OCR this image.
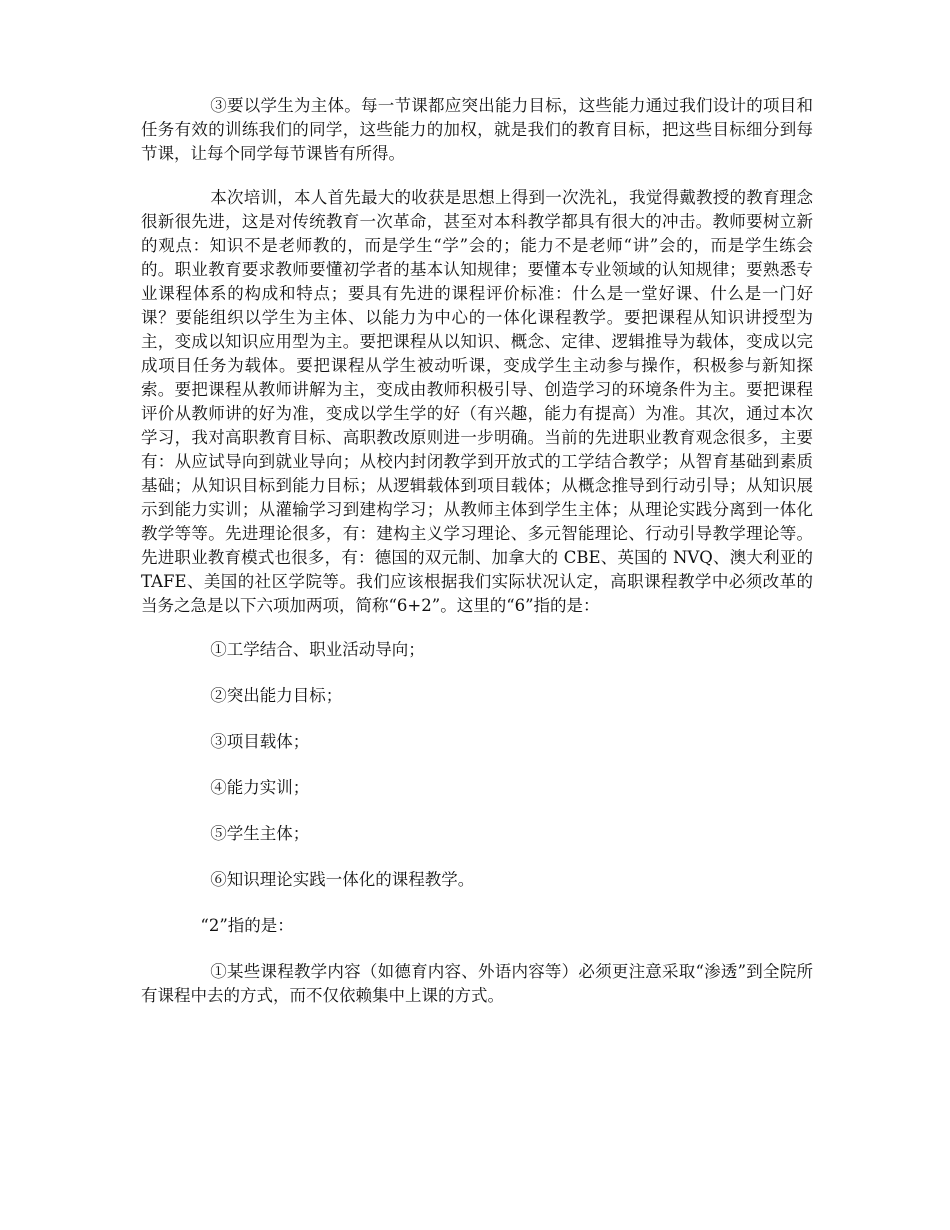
③要以学生为主体。每一节课都应突出能力目标，这些能力通过我们设计的项目和任务有效的训练我们的同学，这些能力的加权，就是我们的教育目标，把这些目标细分到每节课，让每个同学每节课皆有所得。

本次培训，本人首先最大的收获是思想上得到一次洗礼，我觉得戴教授的教育理念很新很先进，这是对传统教育一次革命，甚至对本科教学都具有很大的冲击。教师要树立新的观点：知识不是老师教的，而是学生“学”会的；能力不是老师“讲”会的，而是学生练会的。职业教育要求教师要懂初学者的基本认知规律；要懂本专业领域的认知规律；要熟悉专业课程体系的构成和特点；要具有先进的课程评价标准：什么是一堂好课、什么是一门好课？要能组织以学生为主体、以能力为中心的一体化课程教学。要把课程从知识讲授型为主，变成以知识应用型为主。要把课程从以知识、概念、定律、逻辑推导为载体，变成以完成项目任务为载体。要把课程从学生被动听课，变成学生主动参与操作，积极参与新知探索。要把课程从教师讲解为主，变成由教师积极引导、创造学习的环境条件为主。要把课程评价从教师讲的好为准，变成以学生学的好（有兴趣，能力有提高）为准。其次，通过本次学习，我对高职教育目标、高职教改原则进一步明确。当前的先进职业教育观念很多，主要有：从应试导向到就业导向；从校内封闭教学到开放式的工学结合教学；从智育基础到素质基础；从知识目标到能力目标；从逻辑载体到项目载体；从概念推导到行动引导；从知识展示到能力实训；从灌输学习到建构学习；从教师主体到学生主体；从理论实践分离到一体化教学等等。先进理论很多，有：建构主义学习理论、多元智能理论、行动引导教学理论等。先进职业教育模式也很多，有：德国的双元制、加拿大的 CBE、英国的 NVQ、澳大利亚的 TAFE、美国的社区学院等。我们应该根据我们实际状况认定，高职课程教学中必须改革的当务之急是以下六项加两项，简称“6+2”。这里的“6”指的是：

①工学结合、职业活动导向；

②突出能力目标；

③项目载体；

④能力实训；

⑤学生主体；

⑥知识理论实践一体化的课程教学。

“2”指的是：

①某些课程教学内容（如德育内容、外语内容等）必须更注意采取“渗透”到全院所有课程中去的方式，而不仅依赖集中上课的方式。
